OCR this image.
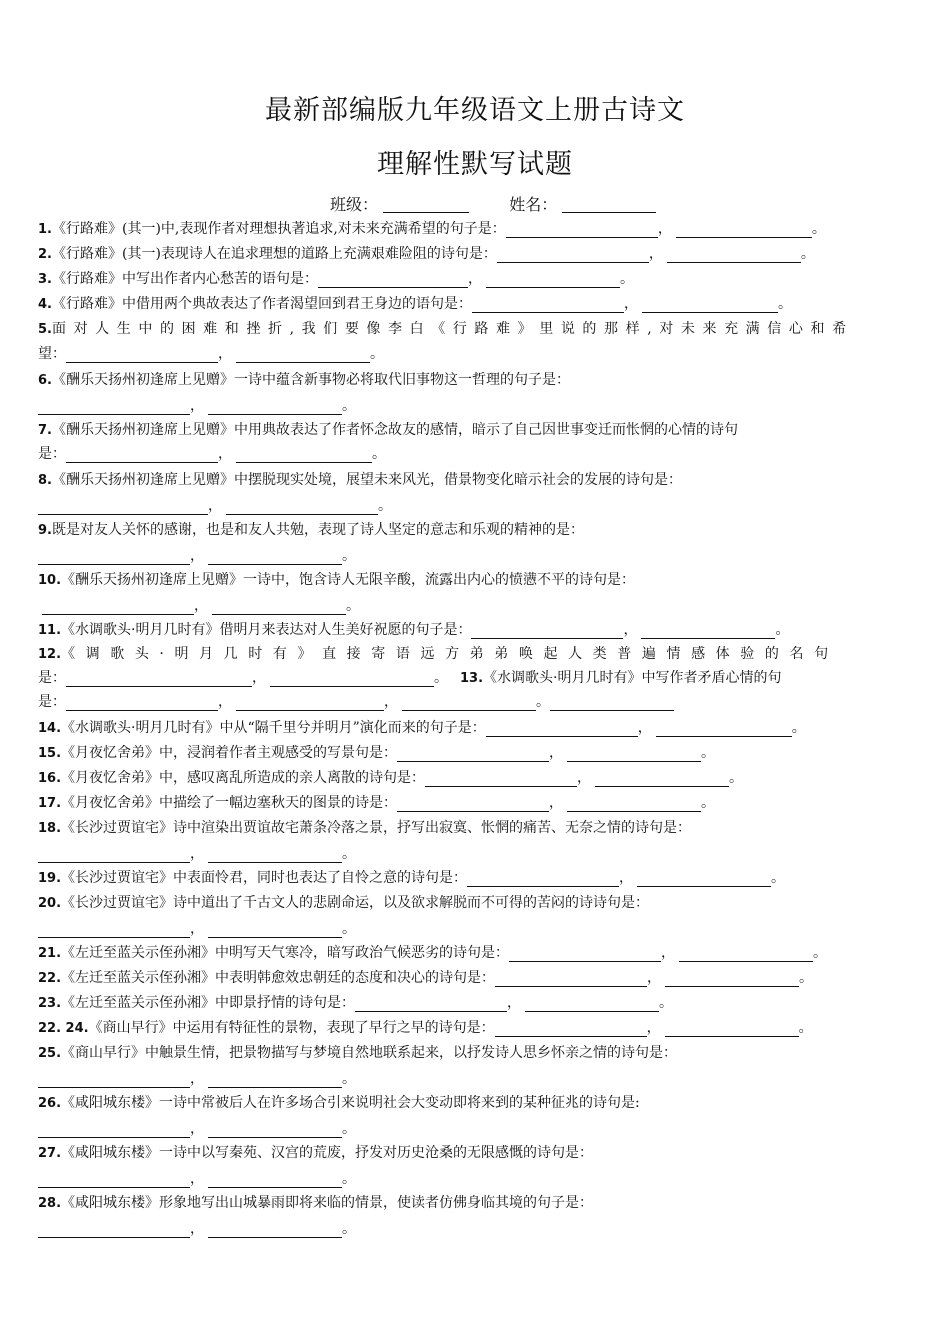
最新部编版九年级语文上册古诗文
理解性默写试题
班级：	姓名：
1.《行路难》(其一)中,表现作者对理想执著追求,对未来充满希望的句子是：	，	。
2.《行路难》(其一)表现诗人在追求理想的道路上充满艰难险阻的诗句是：	，	。
3.《行路难》中写出作者内心愁苦的语句是：	，	。
4.《行路难》中借用两个典故表达了作者渴望回到君王身边的语句是：	，	。
5.面对人生中的困难和挫折,我们要像李白《行路难》里说的那样,对未来充满信心和希
望：	，	。
6.《酬乐天扬州初逢席上见赠》一诗中蕴含新事物必将取代旧事物这一哲理的句子是：
，	。
7.《酬乐天扬州初逢席上见赠》中用典故表达了作者怀念故友的感情，暗示了自己因世事变迁而怅惘的心情的诗句
是：	，	。
8.《酬乐天扬州初逢席上见赠》中摆脱现实处境，展望未来风光，借景物变化暗示社会的发展的诗句是：
，	。
9.既是对友人关怀的感谢，也是和友人共勉，表现了诗人坚定的意志和乐观的精神的是：
，	。
10.《酬乐天扬州初逢席上见赠》一诗中，饱含诗人无限辛酸，流露出内心的愤懑不平的诗句是：
，	。
11.《水调歌头·明月几时有》借明月来表达对人生美好祝愿的句子是：	，	。
12.《调歌头·明月几时有》直接寄语远方弟弟唤起人类普遍情感体验的名句
是：	，	。 13.《水调歌头·明月几时有》中写作者矛盾心情的句
是：	，	，	。
14.《水调歌头·明月几时有》中从“隔千里兮并明月”演化而来的句子是：	，	。
15.《月夜忆舍弟》中，浸润着作者主观感受的写景句是：	，	。
16.《月夜忆舍弟》中，感叹离乱所造成的亲人离散的诗句是：	，	。
17.《月夜忆舍弟》中描绘了一幅边塞秋天的图景的诗是：	，	。
18.《长沙过贾谊宅》诗中渲染出贾谊故宅萧条冷落之景，抒写出寂寞、怅惘的痛苦、无奈之情的诗句是：
，	。
19.《长沙过贾谊宅》中表面怜君，同时也表达了自怜之意的诗句是：	，	。
20.《长沙过贾谊宅》诗中道出了千古文人的悲剧命运，以及欲求解脱而不可得的苦闷的诗诗句是：
，	。
21.《左迁至蓝关示侄孙湘》中明写天气寒冷，暗写政治气候恶劣的诗句是：	，	。
22.《左迁至蓝关示侄孙湘》中表明韩愈效忠朝廷的态度和决心的诗句是：	，	。
23.《左迁至蓝关示侄孙湘》中即景抒情的诗句是：	，	。
22. 24.《商山早行》中运用有特征性的景物，表现了早行之早的诗句是：	，	。
25.《商山早行》中触景生情，把景物描写与梦境自然地联系起来，以抒发诗人思乡怀亲之情的诗句是：
，	。
26.《咸阳城东楼》一诗中常被后人在许多场合引来说明社会大变动即将来到的某种征兆的诗句是:
，	。
27.《咸阳城东楼》一诗中以写秦苑、汉宫的荒废，抒发对历史沧桑的无限感慨的诗句是：
，	。
28.《咸阳城东楼》形象地写出山城暴雨即将来临的情景，使读者仿佛身临其境的句子是：
，	。
